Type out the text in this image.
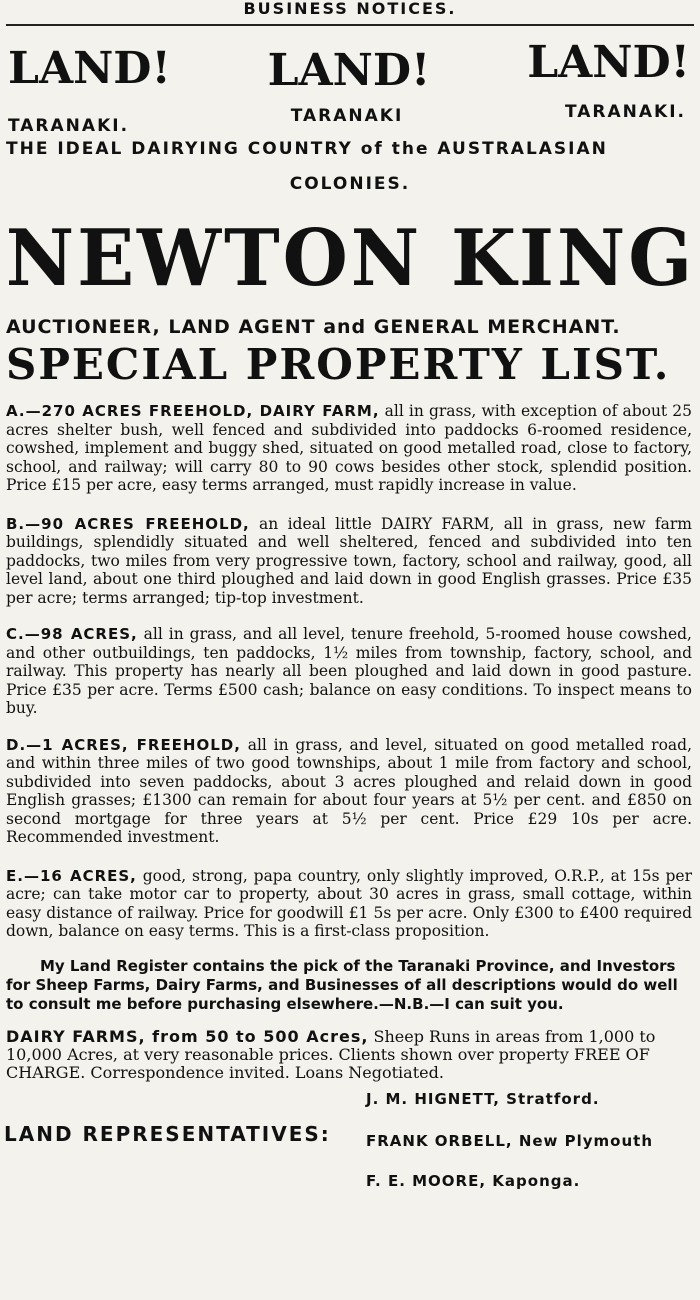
BUSINESS NOTICES.
LAND! LAND! LAND!
TARANAKI.	TARANAKI	TARANAKI.
THE IDEAL DAIRYING COUNTRY of the AUSTRALASIAN
COLONIES.
NEWTON KING
AUCTIONEER, LAND AGENT and GENERAL MERCHANT.
SPECIAL PROPERTY LIST.
A.—270 ACRES FREEHOLD, DAIRY FARM, all in grass, with exception of about 25 acres shelter bush, well fenced and subdivided into paddocks 6-roomed residence, cowshed, implement and buggy shed, situated on good metalled road, close to factory, school, and railway; will carry 80 to 90 cows besides other stock, splendid position. Price £15 per acre, easy terms arranged, must rapidly increase in value.
B.—90 ACRES FREEHOLD, an ideal little DAIRY FARM, all in grass, new farm buildings, splendidly situated and well sheltered, fenced and subdivided into ten paddocks, two miles from very progressive town, factory, school and railway, good, all level land, about one third ploughed and laid down in good English grasses. Price £35 per acre; terms arranged; tip-top investment.
C.—98 ACRES, all in grass, and all level, tenure freehold, 5-roomed house cowshed, and other outbuildings, ten paddocks, 1½ miles from township, factory, school, and railway. This property has nearly all been ploughed and laid down in good pasture. Price £35 per acre. Terms £500 cash; balance on easy conditions. To inspect means to buy.
D.—1 ACRES, FREEHOLD, all in grass, and level, situated on good metalled road, and within three miles of two good townships, about 1 mile from factory and school, subdivided into seven paddocks, about 3 acres ploughed and relaid down in good English grasses; £1300 can remain for about four years at 5½ per cent. and £850 on second mortgage for three years at 5½ per cent. Price £29 10s per acre. Recommended investment.
E.—16 ACRES, good, strong, papa country, only slightly improved, O.R.P., at 15s per acre; can take motor car to property, about 30 acres in grass, small cottage, within easy distance of railway. Price for goodwill £1 5s per acre. Only £300 to £400 required down, balance on easy terms. This is a first-class proposition.
My Land Register contains the pick of the Taranaki Province, and Investors for Sheep Farms, Dairy Farms, and Businesses of all descriptions would do well to consult me before purchasing elsewhere.—N.B.—I can suit you.
DAIRY FARMS, from 50 to 500 Acres, Sheep Runs in areas from 1,000 to 10,000 Acres, at very reasonable prices. Clients shown over property FREE OF CHARGE. Correspondence invited. Loans Negotiated.
LAND REPRESENTATIVES:
J. M. HIGNETT, Stratford.
FRANK ORBELL, New Plymouth
F. E. MOORE, Kaponga.
